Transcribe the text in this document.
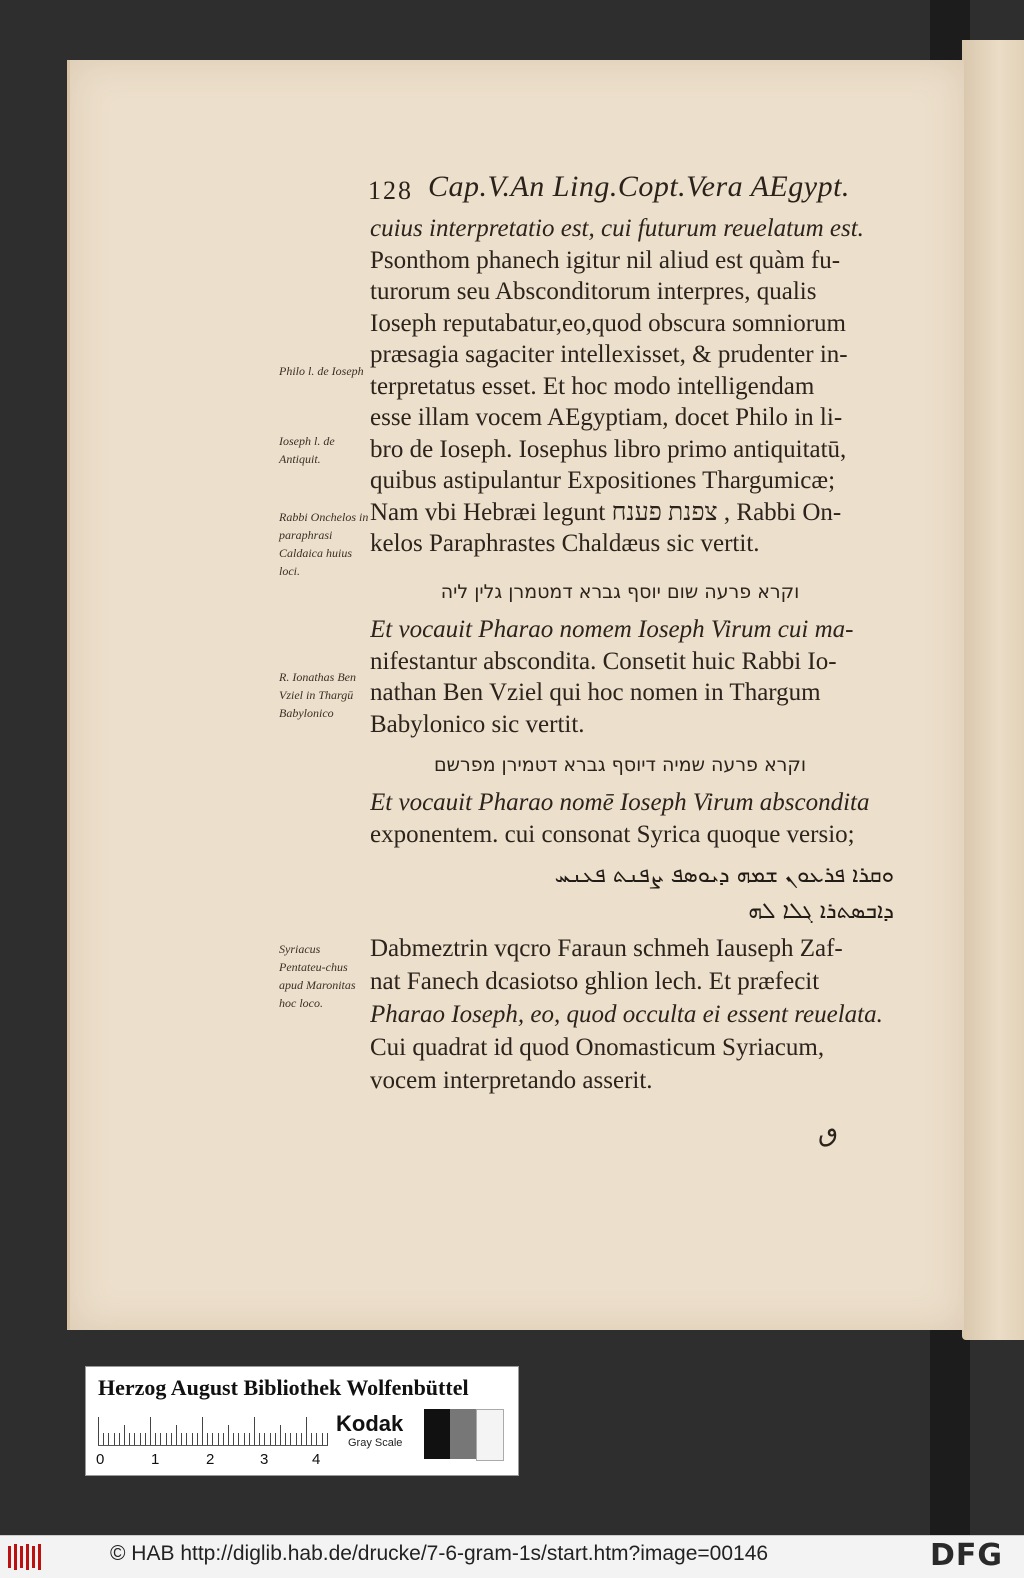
128 Cap.V.An Ling.Copt.Vera AEgypt.
cuius interpretatio est, cui futurum reuelatum est.
Psonthom phanech igitur nil aliud est quàm fu-
turorum seu Absconditorum interpres, qualis
Ioseph reputabatur,eo,quod obscura somniorum
præsagia sagaciter intellexisset, & prudenter in-
terpretatus esset. Et hoc modo intelligendam
esse illam vocem AEgyptiam, docet Philo in li-
bro de Ioseph. Iosephus libro primo antiquitatū,
quibus astipulantur Expositiones Thargumicæ;
Nam vbi Hebræi legunt צפנת פענח , Rabbi On-
kelos Paraphrastes Chaldæus sic vertit.
Et vocauit Pharao nomem Ioseph Virum cui ma-
nifestantur abscondita. Consetit huic Rabbi Io-
nathan Ben Vziel qui hoc nomen in Thargum
Babylonico sic vertit.
Et vocauit Pharao nomē Ioseph Virum abscondita
exponentem. cui consonat Syrica quoque versio;
Dabmeztrin vqcro Faraun schmeh Iauseph Zaf-
nat Fanech dcasiotso ghlion lech. Et præfecit
Pharao Ioseph, eo, quod occulta ei essent reuelata.
Cui quadrat id quod Onomasticum Syriacum,
vocem interpretando asserit.
וקרא פרעה שום יוסף גברא דמטמרן גלין ליה
וקרא פרעה שמיה דיוסף גברא דטמירן מפרשם
ܘܩܪܐ ܦܪܥܘܢ ܫܡܗ ܕܝܘܣܦ ܨܦܢܬ ܦܥܢܚ
ܕܐܒܣܬܪܐ ܓܠܐ ܠܗ
ٯ
Philo l. de Ioseph
Ioseph l. de Antiquit.
Rabbi Onchelos in paraphrasi Caldaica huius loci.
R. Ionathas Ben Vziel in Thargū Babylonico
Syriacus Pentateu-chus apud Maronitas hoc loco.
Herzog August Bibliothek Wolfenbüttel
0	1	2	3	4
Kodak
Gray Scale
© HAB http://diglib.hab.de/drucke/7-6-gram-1s/start.htm?image=00146	DFG
